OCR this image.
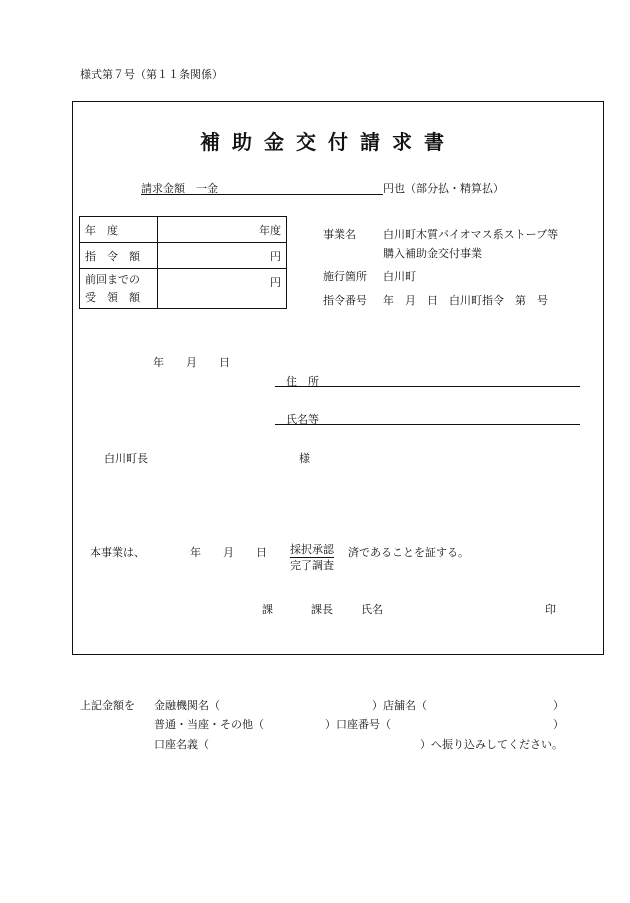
様式第７号（第１１条関係）
補助金交付請求書
請求金額　一金	円也（部分払・精算払）
年　度	年度
指　令　額	円

前回までの
受　領　額	円
事業名 白川町木質バイオマス系ストーブ等
購入補助金交付事業
施行箇所 白川町
指令番号 年　月　日　白川町指令　第　号
年　　月　　日
住　所
氏名等
白川町長	様
本事業は、	年　　月　　日 採択承認
完了調査
済であることを証する。
課	課長	氏名	印
上記金額を 金融機関名（	）店舗名（	）
普通・当座・その他（	）口座番号（	）
口座名義（	）へ振り込みしてください。
